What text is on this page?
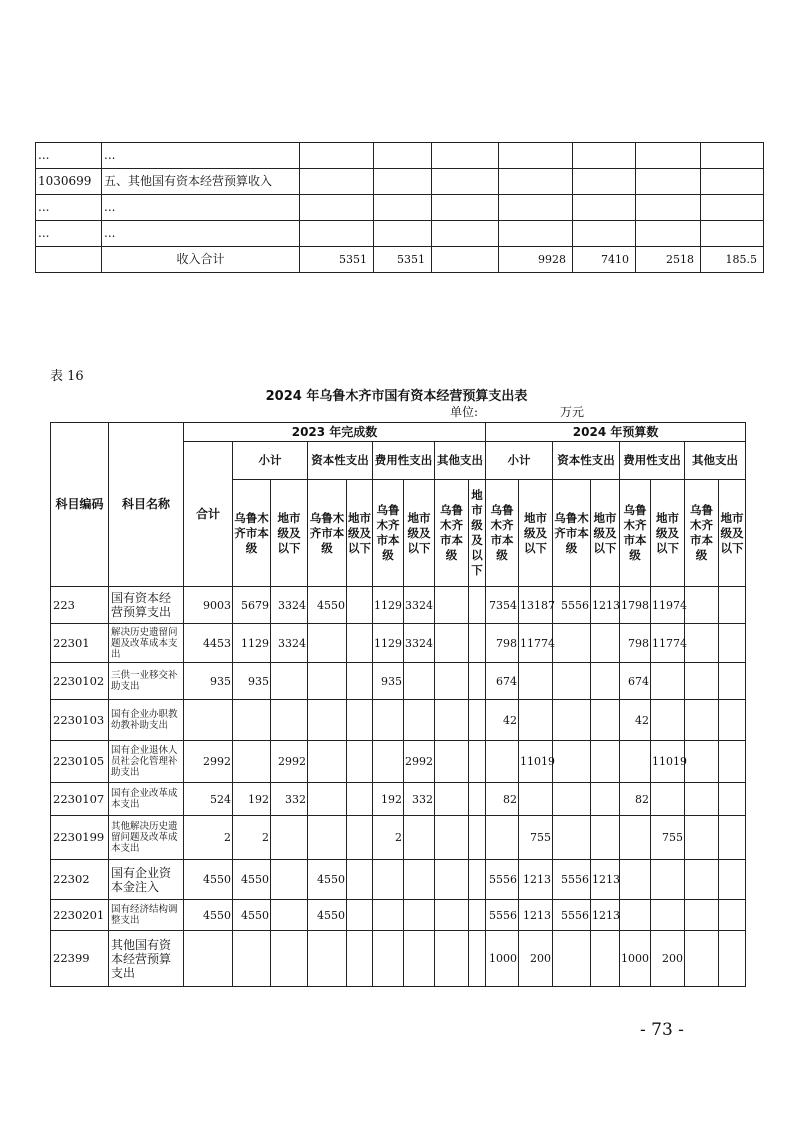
...	...							
1030699	五、其他国有资本经营预算收入							
...	...							
...	...							
	收入合计	5351	5351		9928	7410	2518	185.5
表 16
2024 年乌鲁木齐市国有资本经营预算支出表
单位:	万元
科目编码	科目名称	2023 年完成数									2024 年预算数							
		合计	小计		资本性支出		费用性支出		其他支出		小计		资本性支出		费用性支出		其他支出	
			乌鲁木齐市本级	地市级及以下	乌鲁木齐市本级	地市级及以下	乌鲁木齐市本级	地市级及以下	乌鲁木齐市本级	地市级及以下	乌鲁木齐市本级	地市级及以下	乌鲁木齐市本级	地市级及以下	乌鲁木齐市本级	地市级及以下	乌鲁木齐市本级	地市级及以下
223	国有资本经营预算支出	9003	5679	3324	4550		1129	3324			7354	13187	5556	1213	1798	11974		
22301	解决历史遗留问题及改革成本支出	4453	1129	3324			1129	3324			798	11774			798	11774		
2230102	三供一业移交补助支出	935	935				935				674				674			
2230103	国有企业办职教幼教补助支出										42				42			
2230105	国有企业退休人员社会化管理补助支出	2992		2992				2992				11019				11019		
2230107	国有企业改革成本支出	524	192	332			192	332			82				82			
2230199	其他解决历史遗留问题及改革成本支出	2	2				2					755				755		
22302	国有企业资本金注入	4550	4550		4550						5556	1213	5556	1213				
2230201	国有经济结构调整支出	4550	4550		4550						5556	1213	5556	1213				
22399	其他国有资本经营预算支出										1000	200			1000	200		
- 73 -
